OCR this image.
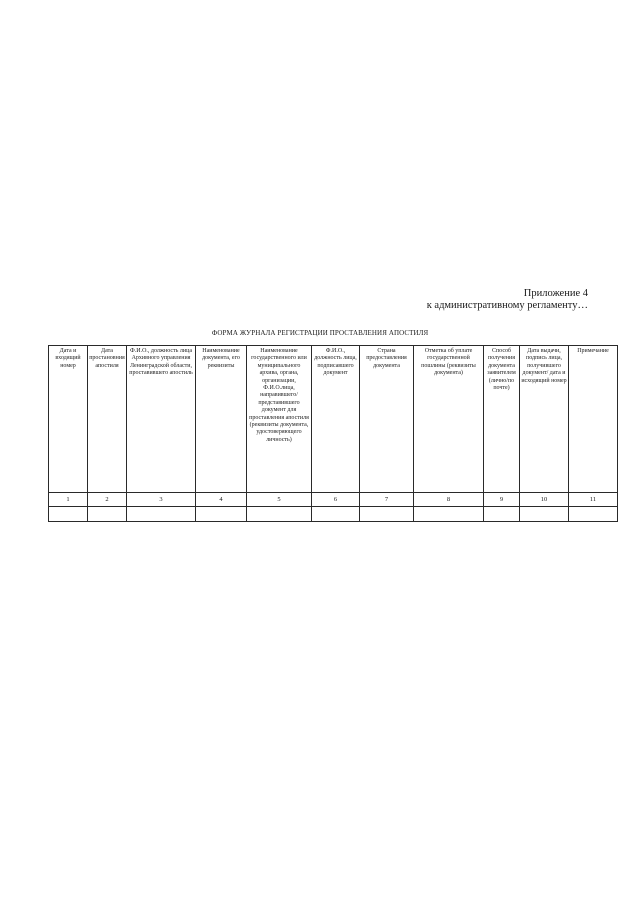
Приложение 4
к административному регламенту…
ФОРМА ЖУРНАЛА РЕГИСТРАЦИИ ПРОСТАВЛЕНИЯ АПОСТИЛЯ
Дата и входящий номер	Дата простановния апостиля	Ф.И.О., должность лица Архивного управления Ленинградской области, проставившего апостиль	Наименование документа, его реквизиты	Наименование государственного или муниципального архива, органа, организации, Ф.И.О.лица, направившего/представившего документ для проставления апостиля (реквизиты документа, удостоверяющего личность)	Ф.И.О., должность лица, подписавшего документ	Страна предоставления документа	Отметка об уплате государственной пошлины (реквизиты документа)	Способ получения документа заявителем (лично/по почте)	Дата выдачи, подпись лица, получившего документ/ дата и исходящий номер	Примечание
1	2	3	4	5	6	7	8	9	10	11
